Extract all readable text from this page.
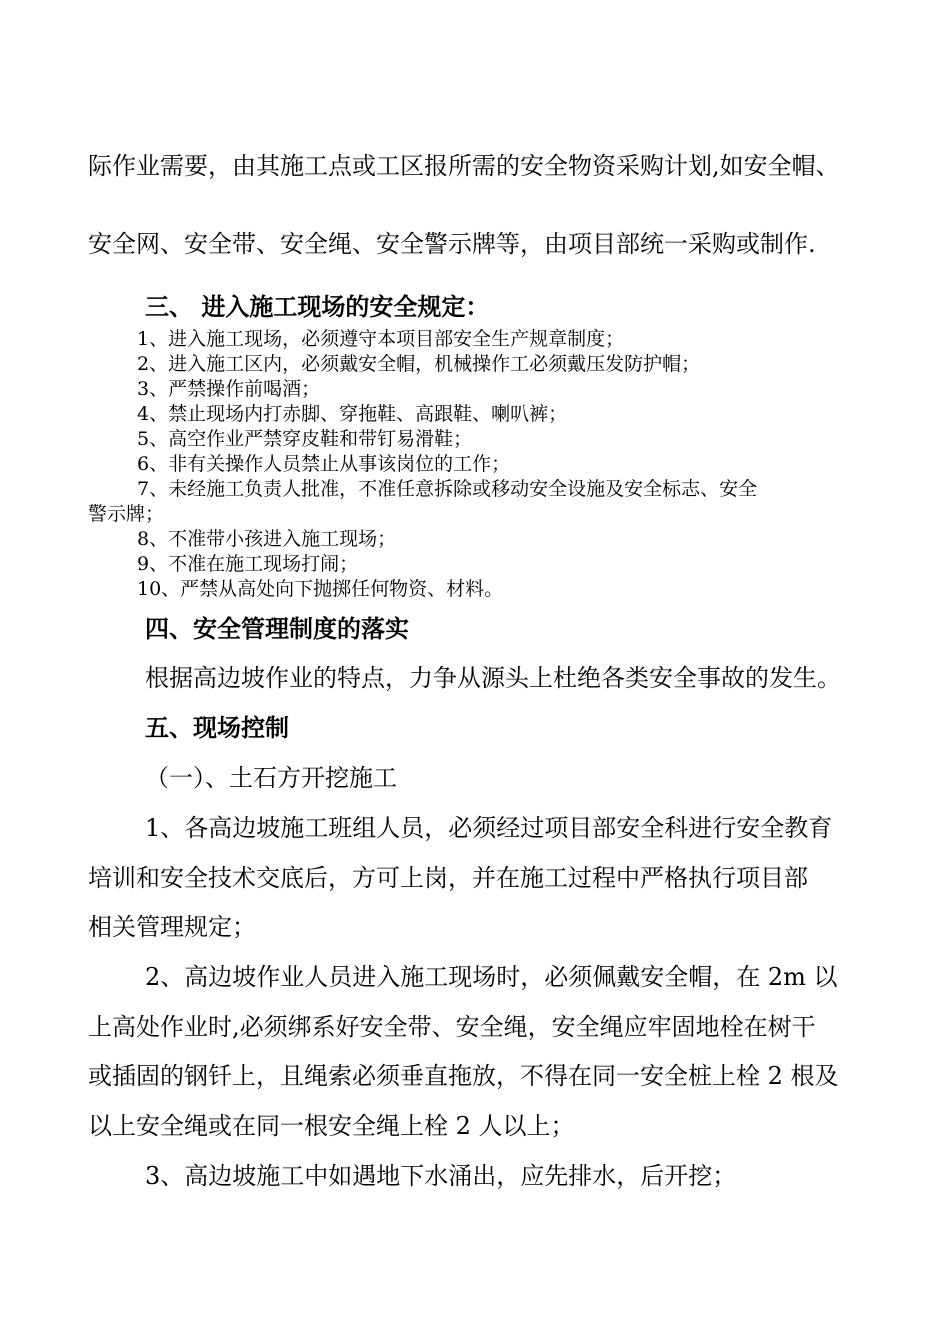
际作业需要，由其施工点或工区报所需的安全物资采购计划,如安全帽、
安全网、安全带、安全绳、安全警示牌等，由项目部统一采购或制作.
三、 进入施工现场的安全规定：
1、进入施工现场，必须遵守本项目部安全生产规章制度；
2、进入施工区内，必须戴安全帽，机械操作工必须戴压发防护帽；
3、严禁操作前喝酒；
4、禁止现场内打赤脚、穿拖鞋、高跟鞋、喇叭裤；
5、高空作业严禁穿皮鞋和带钉易滑鞋；
6、非有关操作人员禁止从事该岗位的工作；
7、未经施工负责人批准，不准任意拆除或移动安全设施及安全标志、安全
警示牌；
8、不准带小孩进入施工现场；
9、不准在施工现场打闹；
10、严禁从高处向下抛掷任何物资、材料。
四、安全管理制度的落实
根据高边坡作业的特点，力争从源头上杜绝各类安全事故的发生。
五、现场控制
（一）、土石方开挖施工
1、各高边坡施工班组人员，必须经过项目部安全科进行安全教育
培训和安全技术交底后，方可上岗，并在施工过程中严格执行项目部
相关管理规定；
2、高边坡作业人员进入施工现场时，必须佩戴安全帽，在 2m 以
上高处作业时,必须绑系好安全带、安全绳，安全绳应牢固地栓在树干
或插固的钢钎上，且绳索必须垂直拖放，不得在同一安全桩上栓 2 根及
以上安全绳或在同一根安全绳上栓 2 人以上；
3、高边坡施工中如遇地下水涌出，应先排水，后开挖；
